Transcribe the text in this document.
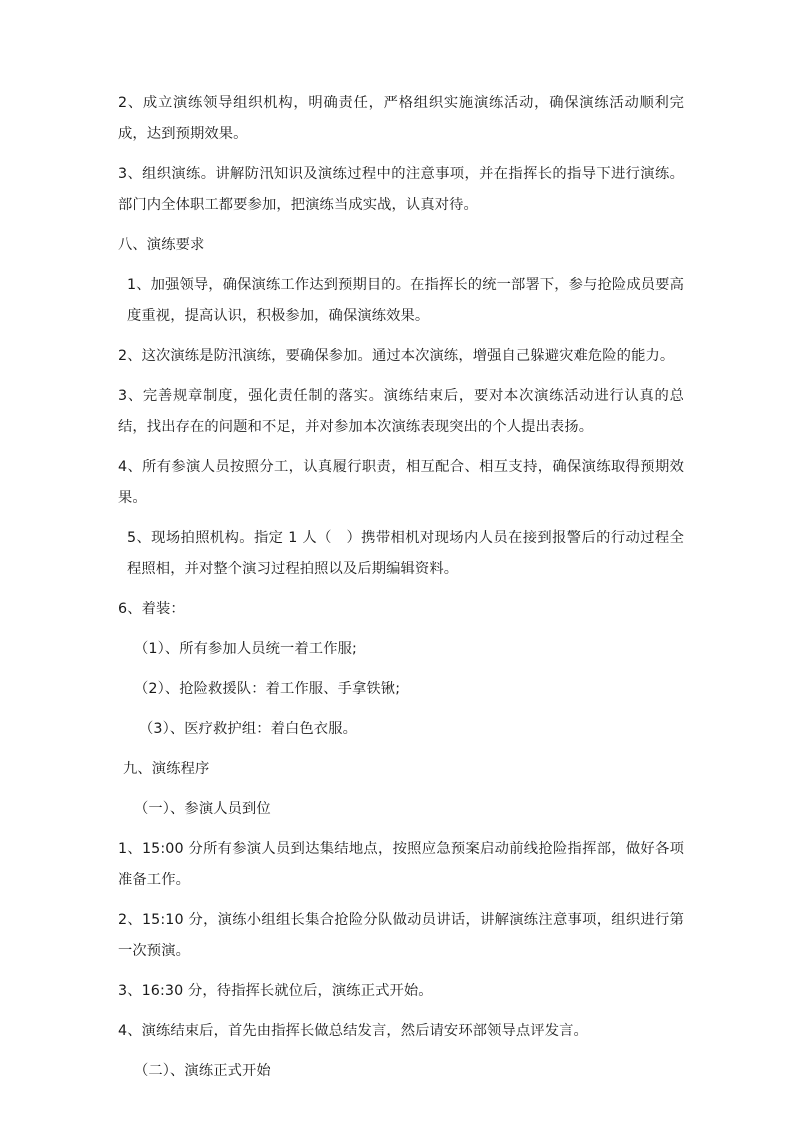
2、成立演练领导组织机构，明确责任，严格组织实施演练活动，确保演练活动顺利完成，达到预期效果。

3、组织演练。讲解防汛知识及演练过程中的注意事项，并在指挥长的指导下进行演练。部门内全体职工都要参加，把演练当成实战，认真对待。

八、演练要求

1、加强领导，确保演练工作达到预期目的。在指挥长的统一部署下，参与抢险成员要高度重视，提高认识，积极参加，确保演练效果。

2、这次演练是防汛演练，要确保参加。通过本次演练，增强自己躲避灾难危险的能力。

3、完善规章制度，强化责任制的落实。演练结束后，要对本次演练活动进行认真的总结，找出存在的问题和不足，并对参加本次演练表现突出的个人提出表扬。

4、所有参演人员按照分工，认真履行职责，相互配合、相互支持，确保演练取得预期效果。

5、现场拍照机构。指定 1 人（　）携带相机对现场内人员在接到报警后的行动过程全程照相，并对整个演习过程拍照以及后期编辑资料。

6、着装：

（1）、所有参加人员统一着工作服;

（2）、抢险救援队：着工作服、手拿铁锹;

（3）、医疗救护组：着白色衣服。

九、演练程序

（一）、参演人员到位

1、15:00 分所有参演人员到达集结地点，按照应急预案启动前线抢险指挥部，做好各项准备工作。

2、15:10 分，演练小组组长集合抢险分队做动员讲话，讲解演练注意事项，组织进行第一次预演。

3、16:30 分，待指挥长就位后，演练正式开始。

4、演练结束后，首先由指挥长做总结发言，然后请安环部领导点评发言。

（二）、演练正式开始
